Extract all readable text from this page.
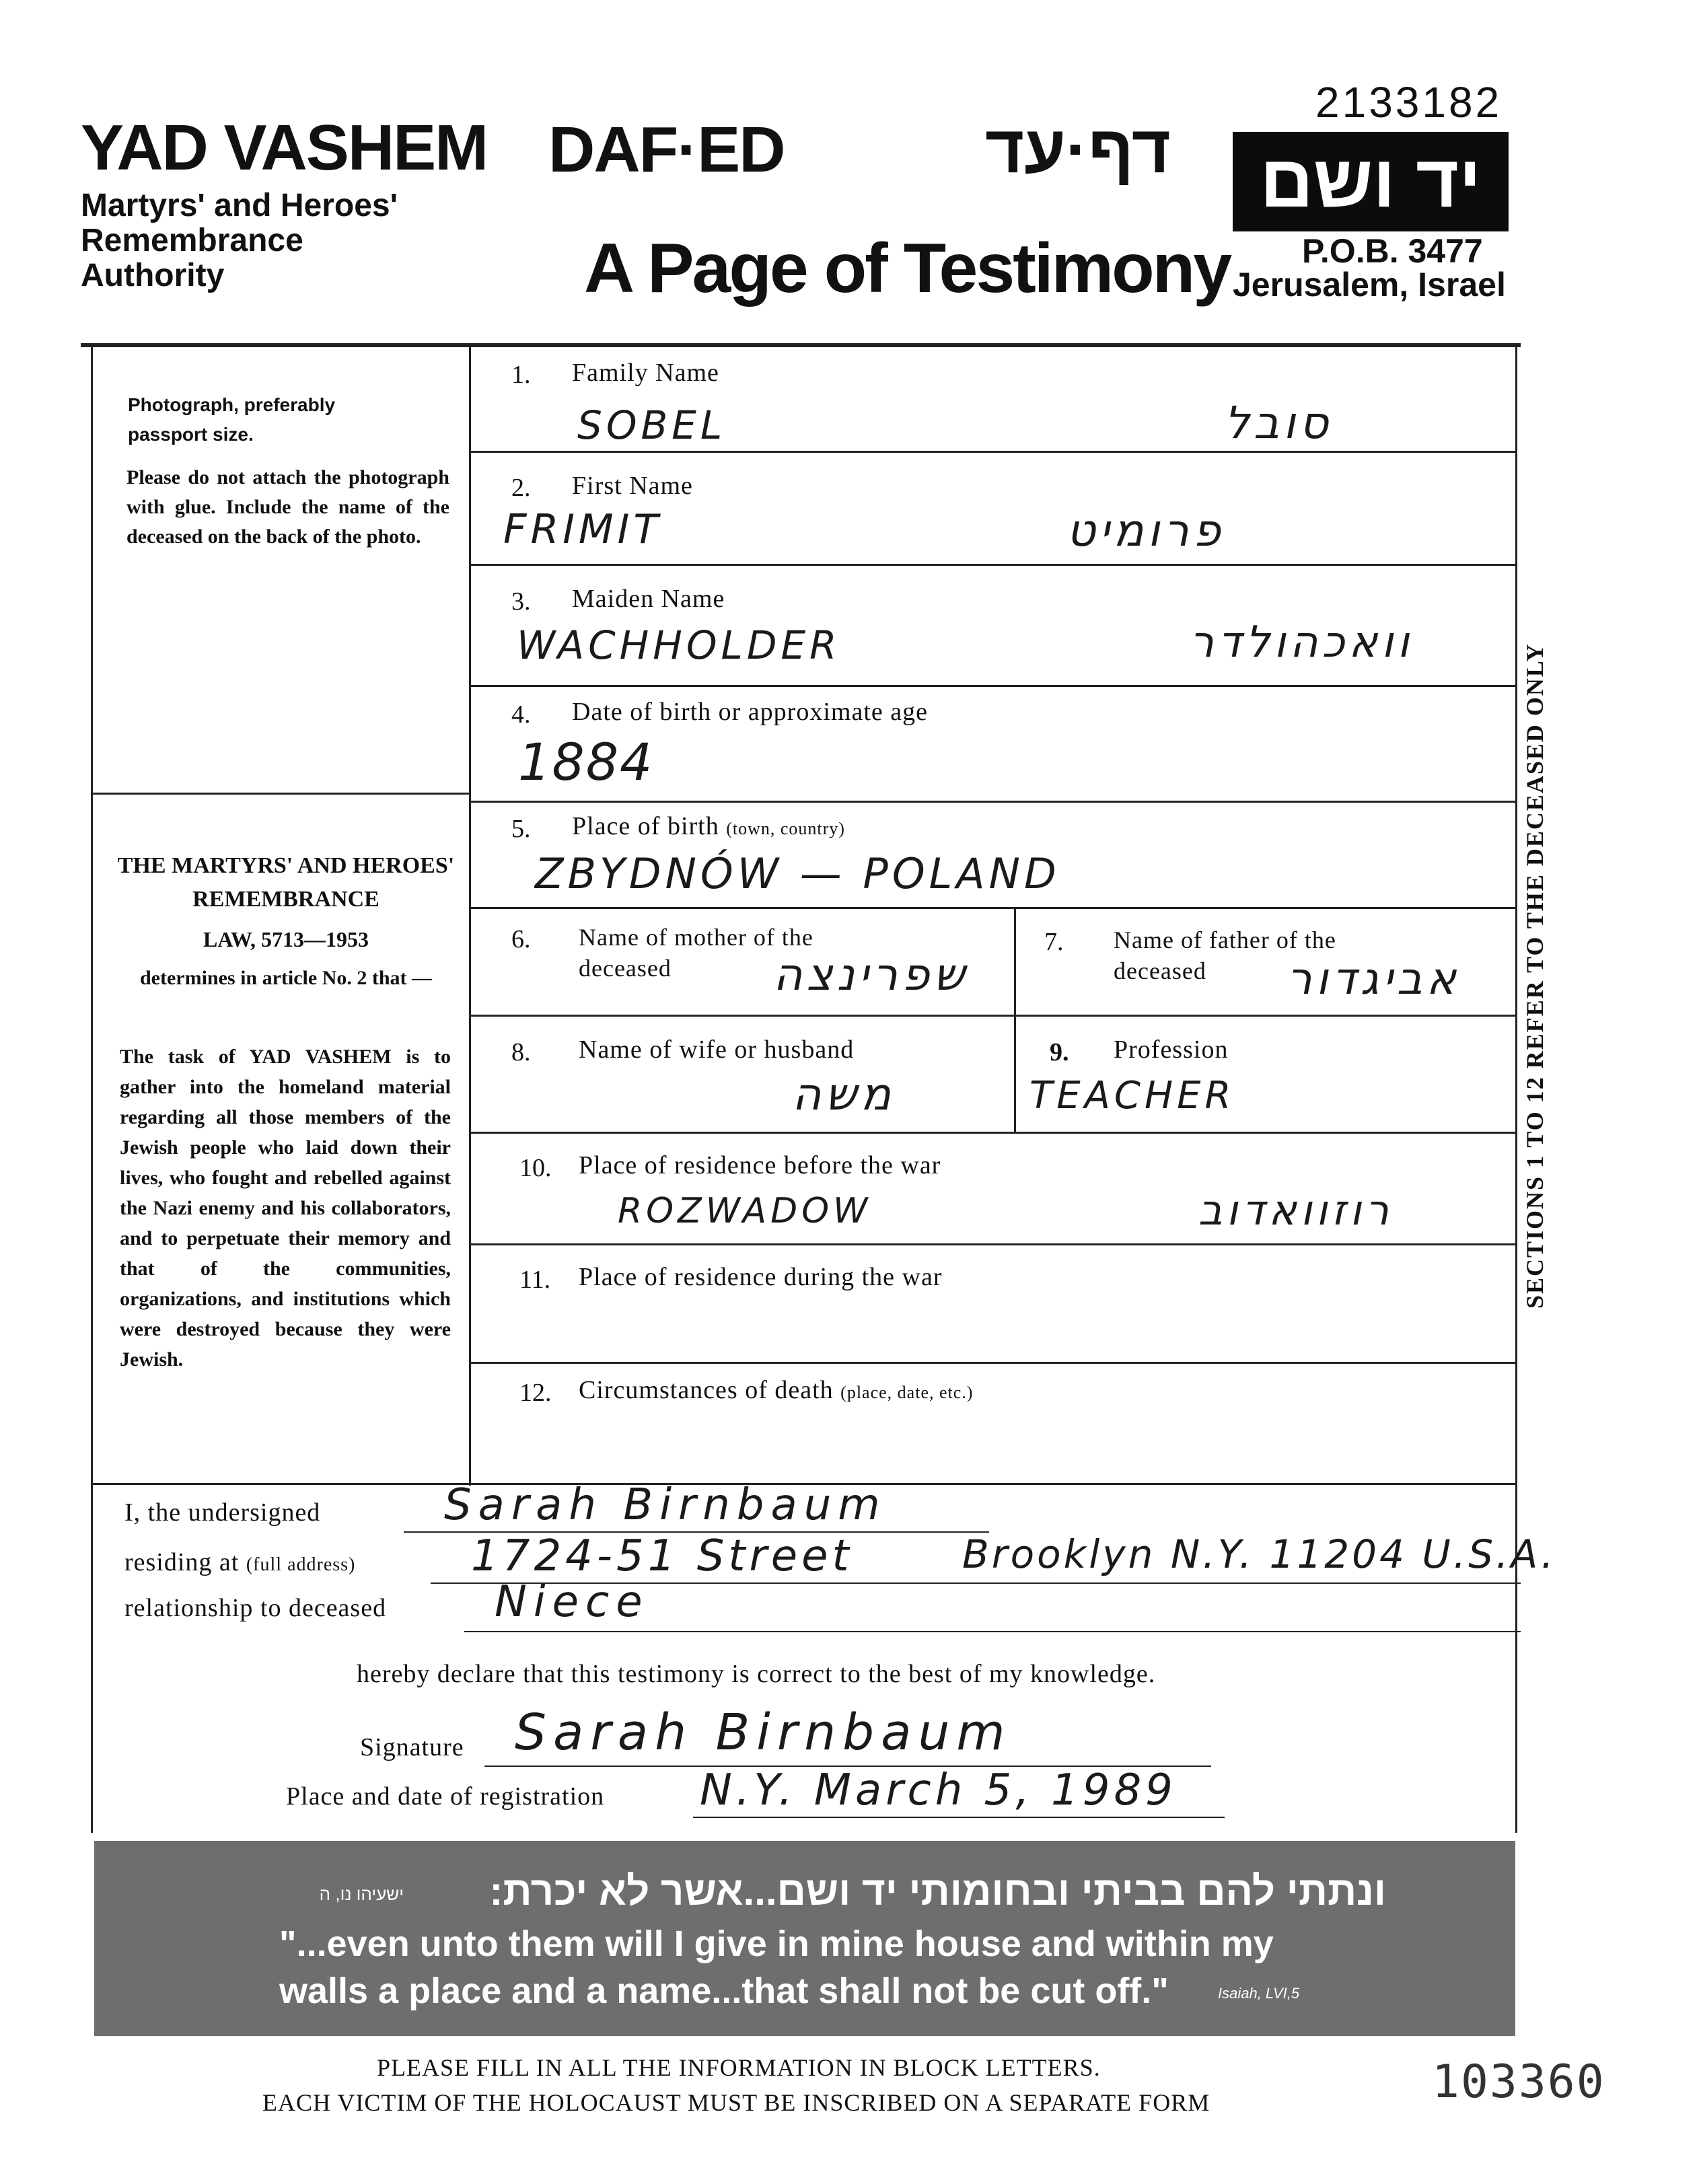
YAD VASHEM
Martyrs' and Heroes'
Remembrance
Authority
DAF·ED	דף·עד
A Page of Testimony
2133182
יד ושם
P.O.B. 3477
Jerusalem, Israel
Photograph, preferably passport size.
Please do not attach the photograph with glue. Include the name of the deceased on the back of the photo.
THE MARTYRS' AND HEROES' REMEMBRANCE
LAW, 5713—1953
determines in article No. 2 that —
The task of YAD VASHEM is to gather into the homeland material regarding all those members of the Jewish people who laid down their lives, who fought and rebelled against the Nazi enemy and his collaborators, and to perpetuate their memory and that of the communities, organizations, and institutions which were destroyed because they were Jewish.
SECTIONS 1 TO 12 REFER TO THE DECEASED ONLY
1. Family Name
SOBEL	סובל
2. First Name
FRIMIT	פרומיט
3. Maiden Name
WACHHOLDER	וואכהולדר
4. Date of birth or approximate age
1884
5. Place of birth (town, country)
ZBYDNÓW — POLAND
6. Name of mother of the deceased	שפרינצה
7. Name of father of the deceased	אביגדור
8. Name of wife or husband
משה
9. Profession
TEACHER
10. Place of residence before the war
ROZWADOW	רוזוואדוב
11. Place of residence during the war
12. Circumstances of death (place, date, etc.)
I, the undersigned	Sarah Birnbaum
residing at (full address)	1724-51 Street	Brooklyn N.Y. 11204 U.S.A.
relationship to deceased	Niece
hereby declare that this testimony is correct to the best of my knowledge.
Signature Sarah Birnbaum
Place and date of registration N.Y. March 5, 1989
ונתתי להם בביתי ובחומותי יד ושם...אשר לא יכרת:
ישעיהו נו, ה
"...even unto them will I give in mine house and within my
walls a place and a name...that shall not be cut off."	Isaiah, LVI,5
PLEASE FILL IN ALL THE INFORMATION IN BLOCK LETTERS.
EACH VICTIM OF THE HOLOCAUST MUST BE INSCRIBED ON A SEPARATE FORM	103360
